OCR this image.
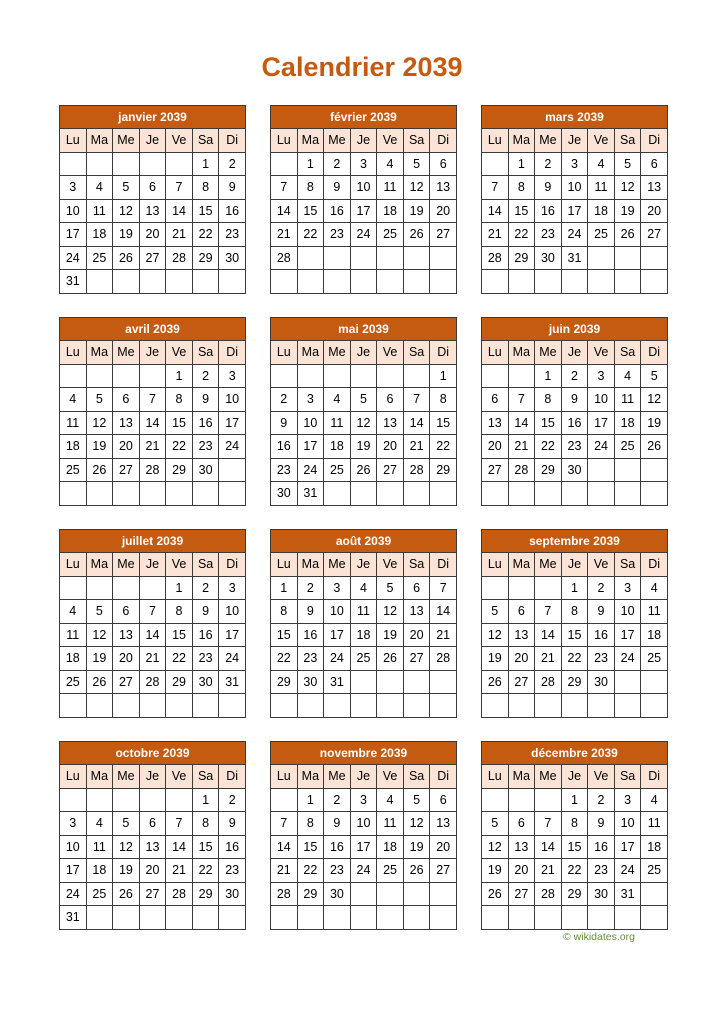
Calendrier 2039
janvier 2039						
Lu	Ma	Me	Je	Ve	Sa	Di
					1	2
3	4	5	6	7	8	9
10	11	12	13	14	15	16
17	18	19	20	21	22	23
24	25	26	27	28	29	30
31						
février 2039						
Lu	Ma	Me	Je	Ve	Sa	Di
	1	2	3	4	5	6
7	8	9	10	11	12	13
14	15	16	17	18	19	20
21	22	23	24	25	26	27
28						

mars 2039						
Lu	Ma	Me	Je	Ve	Sa	Di
	1	2	3	4	5	6
7	8	9	10	11	12	13
14	15	16	17	18	19	20
21	22	23	24	25	26	27
28	29	30	31			

avril 2039						
Lu	Ma	Me	Je	Ve	Sa	Di
				1	2	3
4	5	6	7	8	9	10
11	12	13	14	15	16	17
18	19	20	21	22	23	24
25	26	27	28	29	30	

mai 2039						
Lu	Ma	Me	Je	Ve	Sa	Di
						1
2	3	4	5	6	7	8
9	10	11	12	13	14	15
16	17	18	19	20	21	22
23	24	25	26	27	28	29
30	31					
juin 2039						
Lu	Ma	Me	Je	Ve	Sa	Di
		1	2	3	4	5
6	7	8	9	10	11	12
13	14	15	16	17	18	19
20	21	22	23	24	25	26
27	28	29	30			

juillet 2039						
Lu	Ma	Me	Je	Ve	Sa	Di
				1	2	3
4	5	6	7	8	9	10
11	12	13	14	15	16	17
18	19	20	21	22	23	24
25	26	27	28	29	30	31

août 2039						
Lu	Ma	Me	Je	Ve	Sa	Di
1	2	3	4	5	6	7
8	9	10	11	12	13	14
15	16	17	18	19	20	21
22	23	24	25	26	27	28
29	30	31				

septembre 2039						
Lu	Ma	Me	Je	Ve	Sa	Di
			1	2	3	4
5	6	7	8	9	10	11
12	13	14	15	16	17	18
19	20	21	22	23	24	25
26	27	28	29	30		

octobre 2039						
Lu	Ma	Me	Je	Ve	Sa	Di
					1	2
3	4	5	6	7	8	9
10	11	12	13	14	15	16
17	18	19	20	21	22	23
24	25	26	27	28	29	30
31						
novembre 2039						
Lu	Ma	Me	Je	Ve	Sa	Di
	1	2	3	4	5	6
7	8	9	10	11	12	13
14	15	16	17	18	19	20
21	22	23	24	25	26	27
28	29	30				

décembre 2039						
Lu	Ma	Me	Je	Ve	Sa	Di
			1	2	3	4
5	6	7	8	9	10	11
12	13	14	15	16	17	18
19	20	21	22	23	24	25
26	27	28	29	30	31	

© wikidates.org
